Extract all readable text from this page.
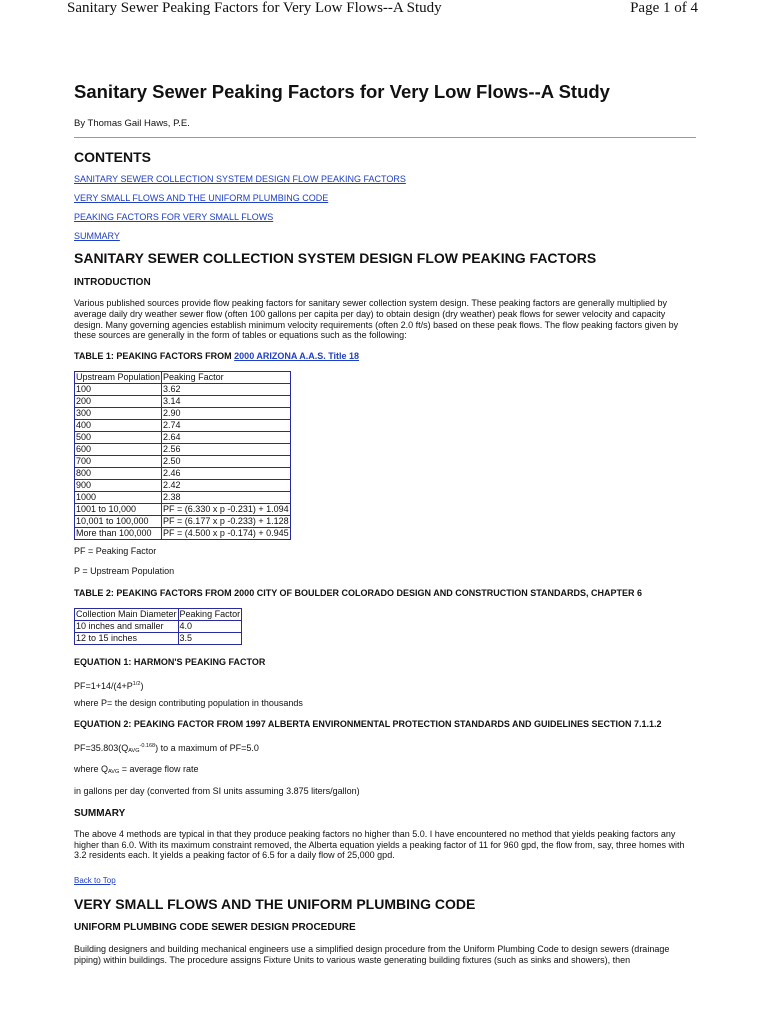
Sanitary Sewer Peaking Factors for Very Low Flows--A Study	Page 1 of 4
Sanitary Sewer Peaking Factors for Very Low Flows--A Study
By Thomas Gail Haws, P.E.
CONTENTS
SANITARY SEWER COLLECTION SYSTEM DESIGN FLOW PEAKING FACTORS
VERY SMALL FLOWS AND THE UNIFORM PLUMBING CODE
PEAKING FACTORS FOR VERY SMALL FLOWS
SUMMARY
SANITARY SEWER COLLECTION SYSTEM DESIGN FLOW PEAKING FACTORS
INTRODUCTION

Various published sources provide flow peaking factors for sanitary sewer collection system design. These peaking factors are generally multiplied by average daily dry weather sewer flow (often 100 gallons per capita per day) to obtain design (dry weather) peak flows for sewer velocity and capacity design. Many governing agencies establish minimum velocity requirements (often 2.0 ft/s) based on these peak flows. The flow peaking factors given by these sources are generally in the form of tables or equations such as the following:

TABLE 1: PEAKING FACTORS FROM 2000 ARIZONA A.A.S. Title 18
Upstream Population	Peaking Factor
100	3.62
200	3.14
300	2.90
400	2.74
500	2.64
600	2.56
700	2.50
800	2.46
900	2.42
1000	2.38
1001 to 10,000	PF = (6.330 x p -0.231) + 1.094
10,001 to 100,000	PF = (6.177 x p -0.233) + 1.128
More than 100,000	PF = (4.500 x p -0.174) + 0.945

PF = Peaking Factor

P = Upstream Population

TABLE 2: PEAKING FACTORS FROM 2000 CITY OF BOULDER COLORADO DESIGN AND CONSTRUCTION STANDARDS, CHAPTER 6
Collection Main Diameter	Peaking Factor
10 inches and smaller	4.0
12 to 15 inches	3.5
EQUATION 1: HARMON'S PEAKING FACTOR

$PF=1+14/(4+P^{1/2})$

where P= the design contributing population in thousands

EQUATION 2: PEAKING FACTOR FROM 1997 ALBERTA ENVIRONMENTAL PROTECTION STANDARDS AND GUIDELINES SECTION 7.1.1.2

$PF=35.803(Q_{AVG}^{-0.168})$ to a maximum of PF=5.0

where $Q_{AVG}$ = average flow rate

in gallons per day (converted from SI units assuming 3.875 liters/gallon)

SUMMARY

The above 4 methods are typical in that they produce peaking factors no higher than 5.0. I have encountered no method that yields peaking factors any higher than 6.0. With its maximum constraint removed, the Alberta equation yields a peaking factor of 11 for 960 gpd, the flow from, say, three homes with 3.2 residents each. It yields a peaking factor of 6.5 for a daily flow of 25,000 gpd.

Back to Top
VERY SMALL FLOWS AND THE UNIFORM PLUMBING CODE
UNIFORM PLUMBING CODE SEWER DESIGN PROCEDURE

Building designers and building mechanical engineers use a simplified design procedure from the Uniform Plumbing Code to design sewers (drainage piping) within buildings. The procedure assigns Fixture Units to various waste generating building fixtures (such as sinks and showers), then
